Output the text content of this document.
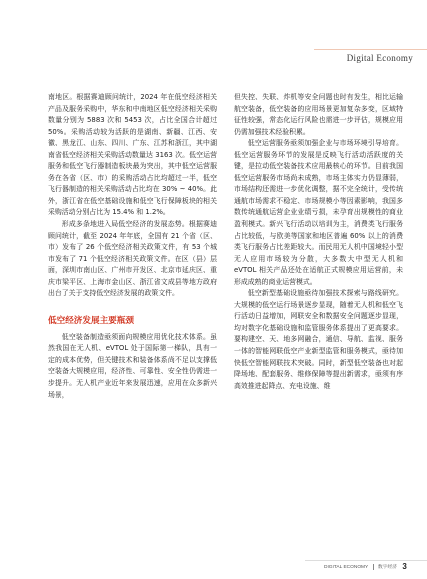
Digital Economy

南地区。根据赛迪顾问统计，2024 年在低空经济相关产品及服务采购中，华东和中南地区低空经济相关采购数量分别为 5883 次和 5453 次，占比全国合计超过 50%。采购活动较为活跃的是湖南、新疆、江西、安徽、黑龙江、山东、四川、广东、江苏和浙江，其中湖南省低空经济相关采购活动数量达 3163 次。低空运营服务和低空飞行器制造板块最为突出，其中低空运营服务在各省（区、市）的采购活动占比均超过一半，低空飞行器制造的相关采购活动占比均在 30% ~ 40%。此外，浙江省在低空基础设施和低空飞行保障板块的相关采购活动分别占比为 15.4% 和 1.2%。

形成多条地进入局低空经济的发展态势。根据赛迪顾问统计，截至 2024 年年底，全国有 21 个省（区、市）发布了 26 个低空经济相关政策文件，有 53 个城市发布了 71 个低空经济相关政策文件。在区（县）层面，深圳市南山区、广州市开发区、北京市延庆区、重庆市梁平区、上海市金山区、浙江省文成县等地方政府出台了关于支持低空经济发展的政策文件。

低空经济发展主要瓶颈

低空装备制造亟须面向规模应用优化技术体系。虽然我国在无人机、eVTOL 处于国际第一梯队，具有一定的成本优势，但关键技术和装备体系尚不足以支撑低空装备大规模应用，经济性、可靠性、安全性仍需进一步提升。无人机产业近年来发展迅速，应用在众多新兴场景，

但失控、失联、炸机等安全问题也时有发生，相比运输航空装备，低空装备的应用场景更加复杂多变，区域特征性较强，常态化运行风险也需进一步评估，规模应用仍需加强技术经验积累。

低空运营服务亟须加强企业与市场环境引导培育。低空运营服务环节的发展是反映飞行活动活跃度的关键，是拉动低空装备技术应用最核心的环节。目前我国低空运营服务市场尚未成熟，市场主体实力仍显薄弱，市场结构还需进一步优化调整，据不完全统计，受传统通航市场需求不稳定、市场规模小等因素影响，我国多数传统通航运营企业业绩亏损，未孕育出规模性的商业盈利模式。新兴飞行活动以培训为主，消费类飞行服务占比较低，与欧美等国家和地区普遍 60% 以上的消费类飞行服务占比差距较大。而民用无人机中国境轻小型无人应用市场较为分散，大多数大中型无人机和 eVTOL 相关产品还处在适航正式规模应用运营前，未形成成熟的商业运营模式。

低空新型基础设施亟待加强技术探索与路线研究。大规模的低空运行场景逐步显现，随着无人机和低空飞行活动日益增加，网联安全和数据安全问题逐步显现，均对数字化基础设施和监管服务体系提出了更高要求。要构建空、天、地多网融合，通信、导航、监视、服务一体的智能网联低空产业新型监管和服务模式，亟待加快低空智能网联技术突破。同时，新型低空装备也对起降场地、配套服务、维修保障等提出新需求，亟须有序高效推进起降点、充电设施、维

DIGITAL ECONOMY 数字经济 3
